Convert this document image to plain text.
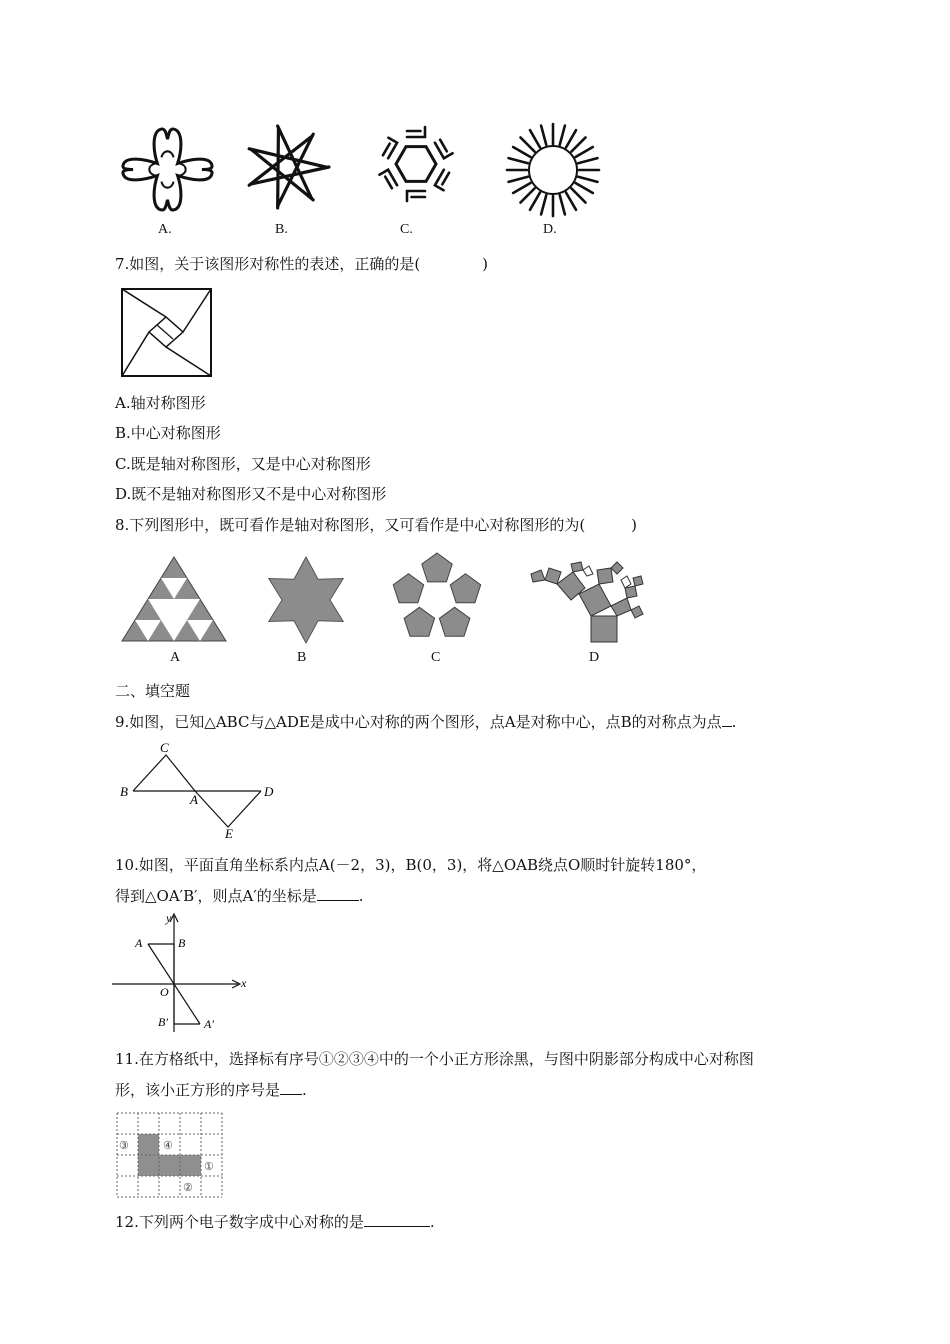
A.	B.	C.	D.
7.如图，关于该图形对称性的表述，正确的是(	)
A.轴对称图形
B.中心对称图形
C.既是轴对称图形，又是中心对称图形
D.既不是轴对称图形又不是中心对称图形
8.下列图形中，既可看作是轴对称图形，又可看作是中心对称图形的为(	)
A	B	C	D
二、填空题
9.如图，已知△ABC与△ADE是成中心对称的两个图形，点A是对称中心，点B的对称点为点 .
B
C
A
D
E
10.如图，平面直角坐标系内点A(－2，3)，B(0，3)，将△OAB绕点O顺时针旋转180°，
得到△OA′B′，则点A′的坐标是	.
y
x
O
A	B
A′
B′
11.在方格纸中，选择标有序号①②③④中的一个小正方形涂黑，与图中阴影部分构成中心对称图
形，该小正方形的序号是 .
③	④
①
②
12.下列两个电子数字成中心对称的是	.
